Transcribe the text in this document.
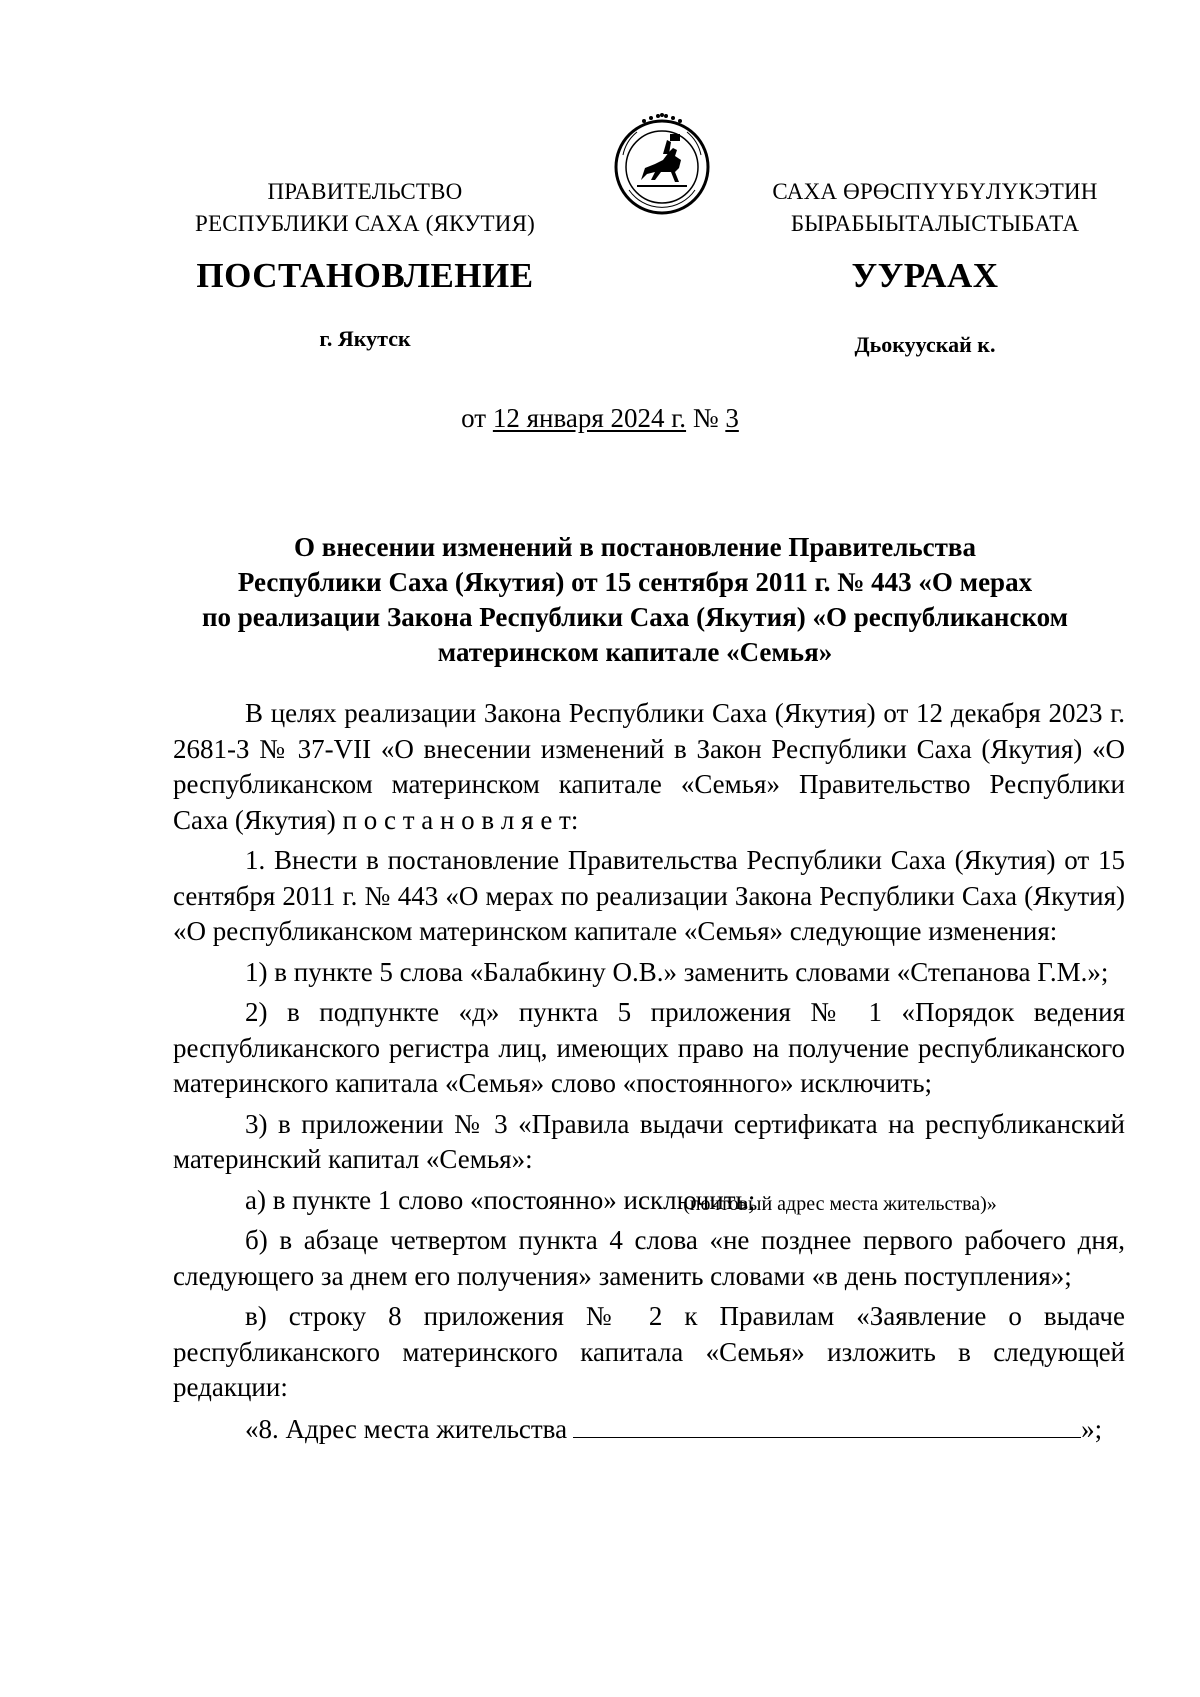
ПРАВИТЕЛЬСТВО
РЕСПУБЛИКИ САХА (ЯКУТИЯ)
САХА ӨРӨСПҮҮБҮЛҮКЭТИН
БЫРАБЫЫТАЛЫСТЫБАТА
ПОСТАНОВЛЕНИЕ	УУРААХ
г. Якутск	Дьокуускай к.
от 12 января 2024 г. № 3
О внесении изменений в постановление Правительства
Республики Саха (Якутия) от 15 сентября 2011 г. № 443 «О мерах
по реализации Закона Республики Саха (Якутия) «О республиканском
материнском капитале «Семья»

В целях реализации Закона Республики Саха (Якутия) от 12 декабря 2023 г. 2681-З № 37-VII «О внесении изменений в Закон Республики Саха (Якутия) «О республиканском материнском капитале «Семья» Правительство Республики Саха (Якутия) п о с т а н о в л я е т:

1. Внести в постановление Правительства Республики Саха (Якутия) от 15 сентября 2011 г. № 443 «О мерах по реализации Закона Республики Саха (Якутия) «О республиканском материнском капитале «Семья» следующие изменения:

1) в пункте 5 слова «Балабкину О.В.» заменить словами «Степанова Г.М.»;

2) в подпункте «д» пункта 5 приложения № 1 «Порядок ведения республиканского регистра лиц, имеющих право на получение республиканского материнского капитала «Семья» слово «постоянного» исключить;

3) в приложении № 3 «Правила выдачи сертификата на республиканский материнский капитал «Семья»:

а) в пункте 1 слово «постоянно» исключить;

б) в абзаце четвертом пункта 4 слова «не позднее первого рабочего дня, следующего за днем его получения» заменить словами «в день поступления»;

в) строку 8 приложения № 2 к Правилам «Заявление о выдаче республиканского материнского капитала «Семья» изложить в следующей редакции:

«8. Адрес места жительства	»;

(почтовый адрес места жительства)»
